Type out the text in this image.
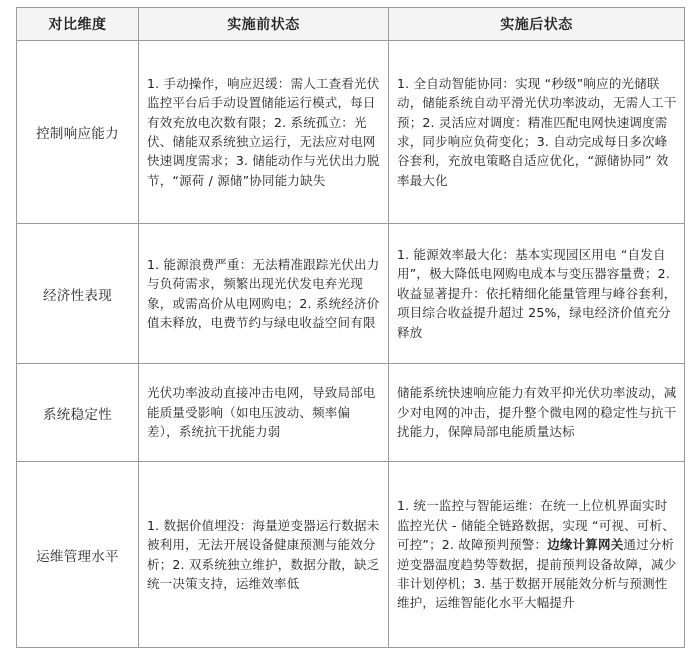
对比维度	实施前状态	实施后状态
控制响应能力
1. 手动操作，响应迟缓：需人工查看光伏监控平台后手动设置储能运行模式，每日有效充放电次数有限；2. 系统孤立：光伏、储能双系统独立运行，无法应对电网快速调度需求；3. 储能动作与光伏出力脱节，“源荷 / 源储”协同能力缺失
1. 全自动智能协同：实现 “秒级”响应的光储联动，储能系统自动平滑光伏功率波动，无需人工干预；2. 灵活应对调度：精准匹配电网快速调度需求，同步响应负荷变化；3. 自动完成每日多次峰谷套利，充放电策略自适应优化，“源储协同” 效率最大化
经济性表现
1. 能源浪费严重：无法精准跟踪光伏出力与负荷需求，频繁出现光伏发电弃光现象，或需高价从电网购电；2. 系统经济价值未释放，电费节约与绿电收益空间有限
1. 能源效率最大化：基本实现园区用电 “自发自用”，极大降低电网购电成本与变压器容量费；2. 收益显著提升：依托精细化能量管理与峰谷套利，项目综合收益提升超过 25%，绿电经济价值充分释放
系统稳定性
光伏功率波动直接冲击电网，导致局部电能质量受影响（如电压波动、频率偏差），系统抗干扰能力弱
储能系统快速响应能力有效平抑光伏功率波动，减少对电网的冲击，提升整个微电网的稳定性与抗干扰能力，保障局部电能质量达标
运维管理水平
1. 数据价值埋没：海量逆变器运行数据未被利用，无法开展设备健康预测与能效分析；2. 双系统独立维护，数据分散，缺乏统一决策支持，运维效率低
1. 统一监控与智能运维：在统一上位机界面实时监控光伏 - 储能全链路数据，实现 “可视、可析、可控”；2. 故障预判预警：边缘计算网关通过分析逆变器温度趋势等数据，提前预判设备故障，减少非计划停机；3. 基于数据开展能效分析与预测性维护，运维智能化水平大幅提升
